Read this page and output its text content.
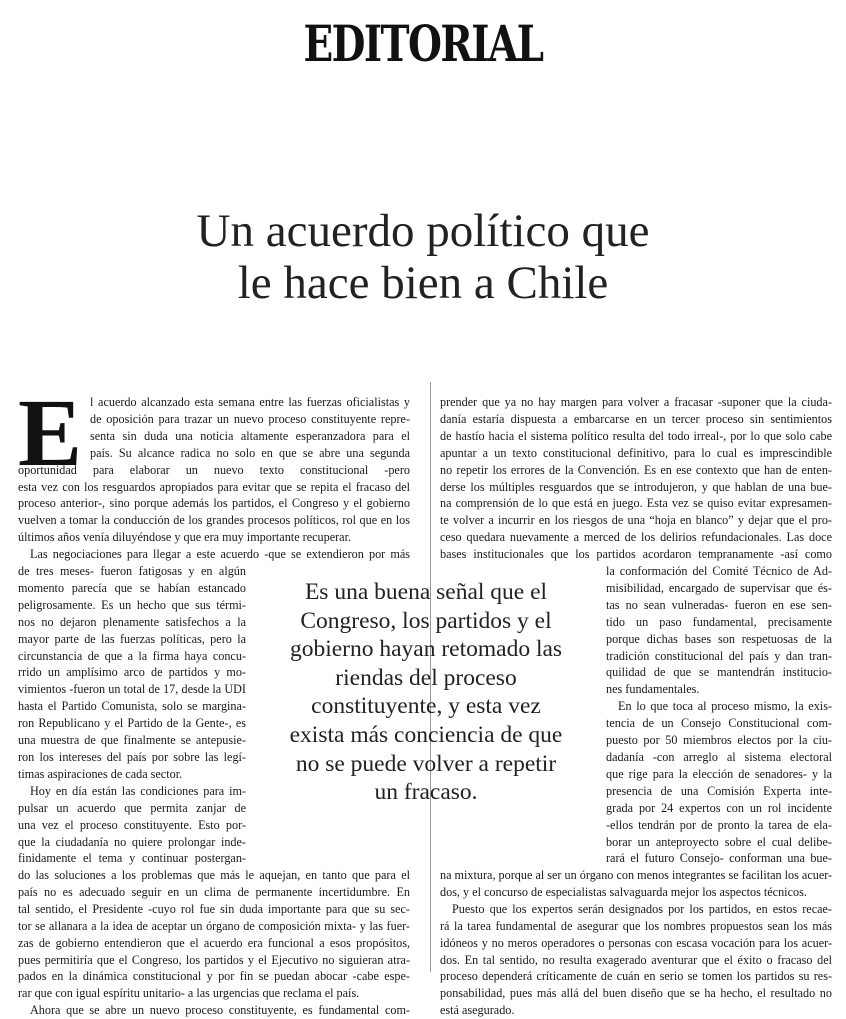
EDITORIAL
Un acuerdo político que
le hace bien a Chile
E l acuerdo alcanzado esta semana entre las fuerzas oficialistas y
de oposición para trazar un nuevo proceso constituyente repre-
senta sin duda una noticia altamente esperanzadora para el
país. Su alcance radica no solo en que se abre una segunda
oportunidad para elaborar un nuevo texto constitucional -pero
esta vez con los resguardos apropiados para evitar que se repita el fracaso del
proceso anterior-, sino porque además los partidos, el Congreso y el gobierno
vuelven a tomar la conducción de los grandes procesos políticos, rol que en los
últimos años venía diluyéndose y que era muy importante recuperar.
Las negociaciones para llegar a este acuerdo -que se extendieron por más
de tres meses- fueron fatigosas y en algún
momento parecía que se habían estancado
peligrosamente. Es un hecho que sus térmi-
nos no dejaron plenamente satisfechos a la
mayor parte de las fuerzas políticas, pero la
circunstancia de que a la firma haya concu-
rrido un amplísimo arco de partidos y mo-
vimientos -fueron un total de 17, desde la UDI
hasta el Partido Comunista, solo se margina-
ron Republicano y el Partido de la Gente-, es
una muestra de que finalmente se antepusie-
ron los intereses del país por sobre las legí-
timas aspiraciones de cada sector.
Hoy en día están las condiciones para im-
pulsar un acuerdo que permita zanjar de
una vez el proceso constituyente. Esto por-
que la ciudadanía no quiere prolongar inde-
finidamente el tema y continuar postergan-
do las soluciones a los problemas que más le aquejan, en tanto que para el
país no es adecuado seguir en un clima de permanente incertidumbre. En
tal sentido, el Presidente -cuyo rol fue sin duda importante para que su sec-
tor se allanara a la idea de aceptar un órgano de composición mixta- y las fuer-
zas de gobierno entendieron que el acuerdo era funcional a esos propósitos,
pues permitiría que el Congreso, los partidos y el Ejecutivo no siguieran atra-
pados en la dinámica constitucional y por fin se puedan abocar -cabe espe-
rar que con igual espíritu unitario- a las urgencias que reclama el país.
Ahora que se abre un nuevo proceso constituyente, es fundamental com-
prender que ya no hay margen para volver a fracasar -suponer que la ciuda-
danía estaría dispuesta a embarcarse en un tercer proceso sin sentimientos
de hastío hacia el sistema político resulta del todo irreal-, por lo que solo cabe
apuntar a un texto constitucional definitivo, para lo cual es imprescindible
no repetir los errores de la Convención. Es en ese contexto que han de enten-
derse los múltiples resguardos que se introdujeron, y que hablan de una bue-
na comprensión de lo que está en juego. Esta vez se quiso evitar expresamen-
te volver a incurrir en los riesgos de una “hoja en blanco” y dejar que el pro-
ceso quedara nuevamente a merced de los delirios refundacionales. Las doce
bases institucionales que los partidos acordaron tempranamente -así como
la conformación del Comité Técnico de Ad-
misibilidad, encargado de supervisar que és-
tas no sean vulneradas- fueron en ese sen-
tido un paso fundamental, precisamente
porque dichas bases son respetuosas de la
tradición constitucional del país y dan tran-
quilidad de que se mantendrán institucio-
nes fundamentales.
En lo que toca al proceso mismo, la exis-
tencia de un Consejo Constitucional com-
puesto por 50 miembros electos por la ciu-
dadanía -con arreglo al sistema electoral
que rige para la elección de senadores- y la
presencia de una Comisión Experta inte-
grada por 24 expertos con un rol incidente
-ellos tendrán por de pronto la tarea de ela-
borar un anteproyecto sobre el cual delibe-
rará el futuro Consejo- conforman una bue-
na mixtura, porque al ser un órgano con menos integrantes se facilitan los acuer-
dos, y el concurso de especialistas salvaguarda mejor los aspectos técnicos.
Puesto que los expertos serán designados por los partidos, en estos recae-
rá la tarea fundamental de asegurar que los nombres propuestos sean los más
idóneos y no meros operadores o personas con escasa vocación para los acuer-
dos. En tal sentido, no resulta exagerado aventurar que el éxito o fracaso del
proceso dependerá críticamente de cuán en serio se tomen los partidos su res-
ponsabilidad, pues más allá del buen diseño que se ha hecho, el resultado no
está asegurado.
Es una buena señal que el
Congreso, los partidos y el
gobierno hayan retomado las
riendas del proceso
constituyente, y esta vez
exista más conciencia de que
no se puede volver a repetir
un fracaso.
